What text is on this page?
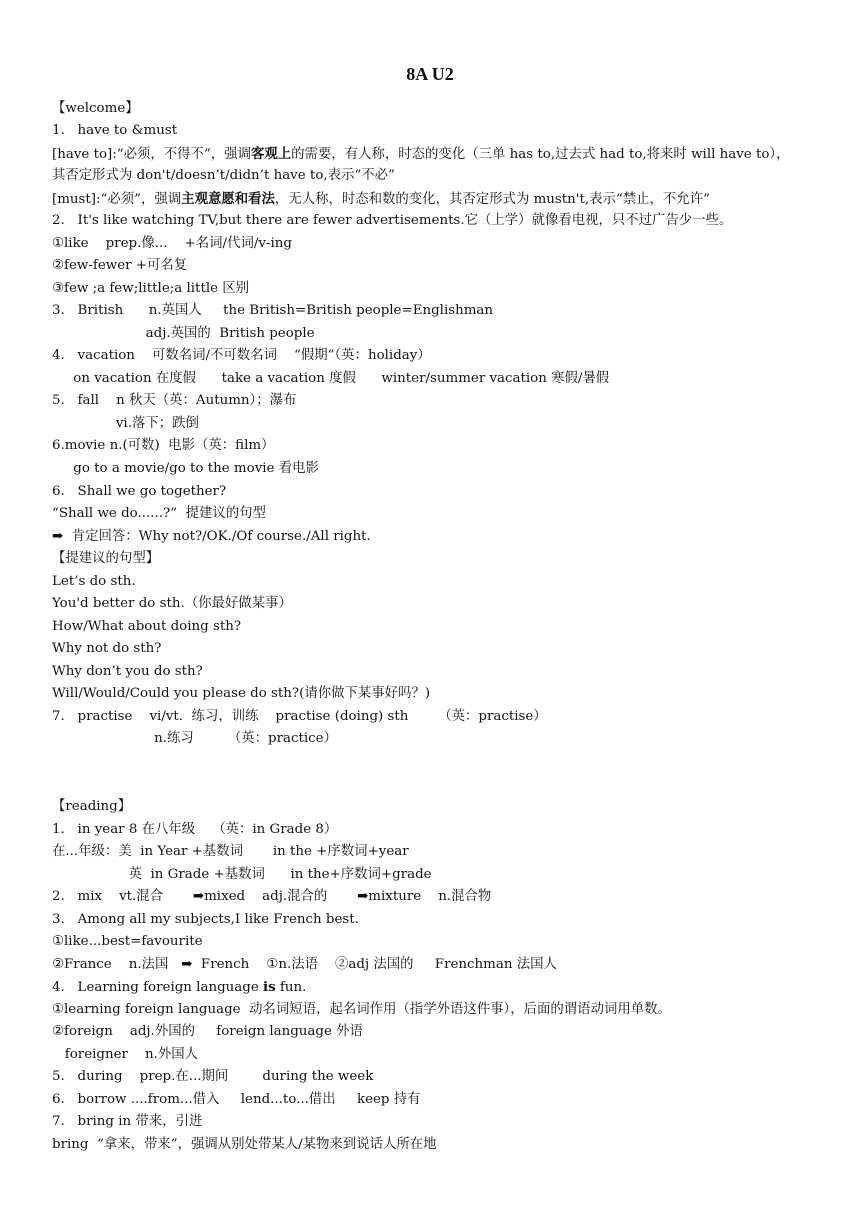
8A U2
【welcome】
1.   have to &must
[have to]:“必须，不得不”，强调客观上的需要，有人称，时态的变化（三单 has to,过去式 had to,将来时 will have to），
其否定形式为 don't/doesn’t/didn’t have to,表示“不必”
[must]:“必须”，强调主观意愿和看法，无人称，时态和数的变化，其否定形式为 mustn't,表示“禁止，不允许”
2.   It's like watching TV,but there are fewer advertisements.它（上学）就像看电视，只不过广告少一些。
①like    prep.像...    +名词/代词/v-ing
②few-fewer +可名复
③few ;a few;little;a little 区别
3.   British      n.英国人     the British=British people=Englishman
adj.英国的  British people
4.   vacation    可数名词/不可数名词    “假期”（英：holiday）
on vacation 在度假      take a vacation 度假      winter/summer vacation 寒假/暑假
5.   fall    n 秋天（英：Autumn）；瀑布
vi.落下；跌倒
6.movie n.(可数)  电影（英：film）
go to a movie/go to the movie 看电影
6.   Shall we go together?
“Shall we do......?”  提建议的句型
➡  肯定回答：Why not?/OK./Of course./All right.
【提建议的句型】
Let’s do sth.
You'd better do sth.（你最好做某事）
How/What about doing sth?
Why not do sth?
Why don’t you do sth?
Will/Would/Could you please do sth?(请你做下某事好吗？)
7.   practise    vi/vt.  练习，训练    practise (doing) sth       （英：practise）
n.练习        （英：practice）
【reading】
1.   in year 8 在八年级    （英：in Grade 8）
在...年级：美  in Year +基数词       in the +序数词+year
英  in Grade +基数词      in the+序数词+grade
2.   mix    vt.混合       ➡mixed    adj.混合的       ➡mixture    n.混合物
3.   Among all my subjects,I like French best.
①like...best=favourite
②France    n.法国   ➡  French    ①n.法语    ②adj 法国的     Frenchman 法国人
4.   Learning foreign language is fun.
①learning foreign language  动名词短语，起名词作用（指学外语这件事），后面的谓语动词用单数。
②foreign    adj.外国的     foreign language 外语
foreigner    n.外国人
5.   during    prep.在...期间        during the week
6.   borrow ....from...借入     lend...to...借出     keep 持有
7.   bring in 带来，引进
bring  “拿来，带来”，强调从别处带某人/某物来到说话人所在地
